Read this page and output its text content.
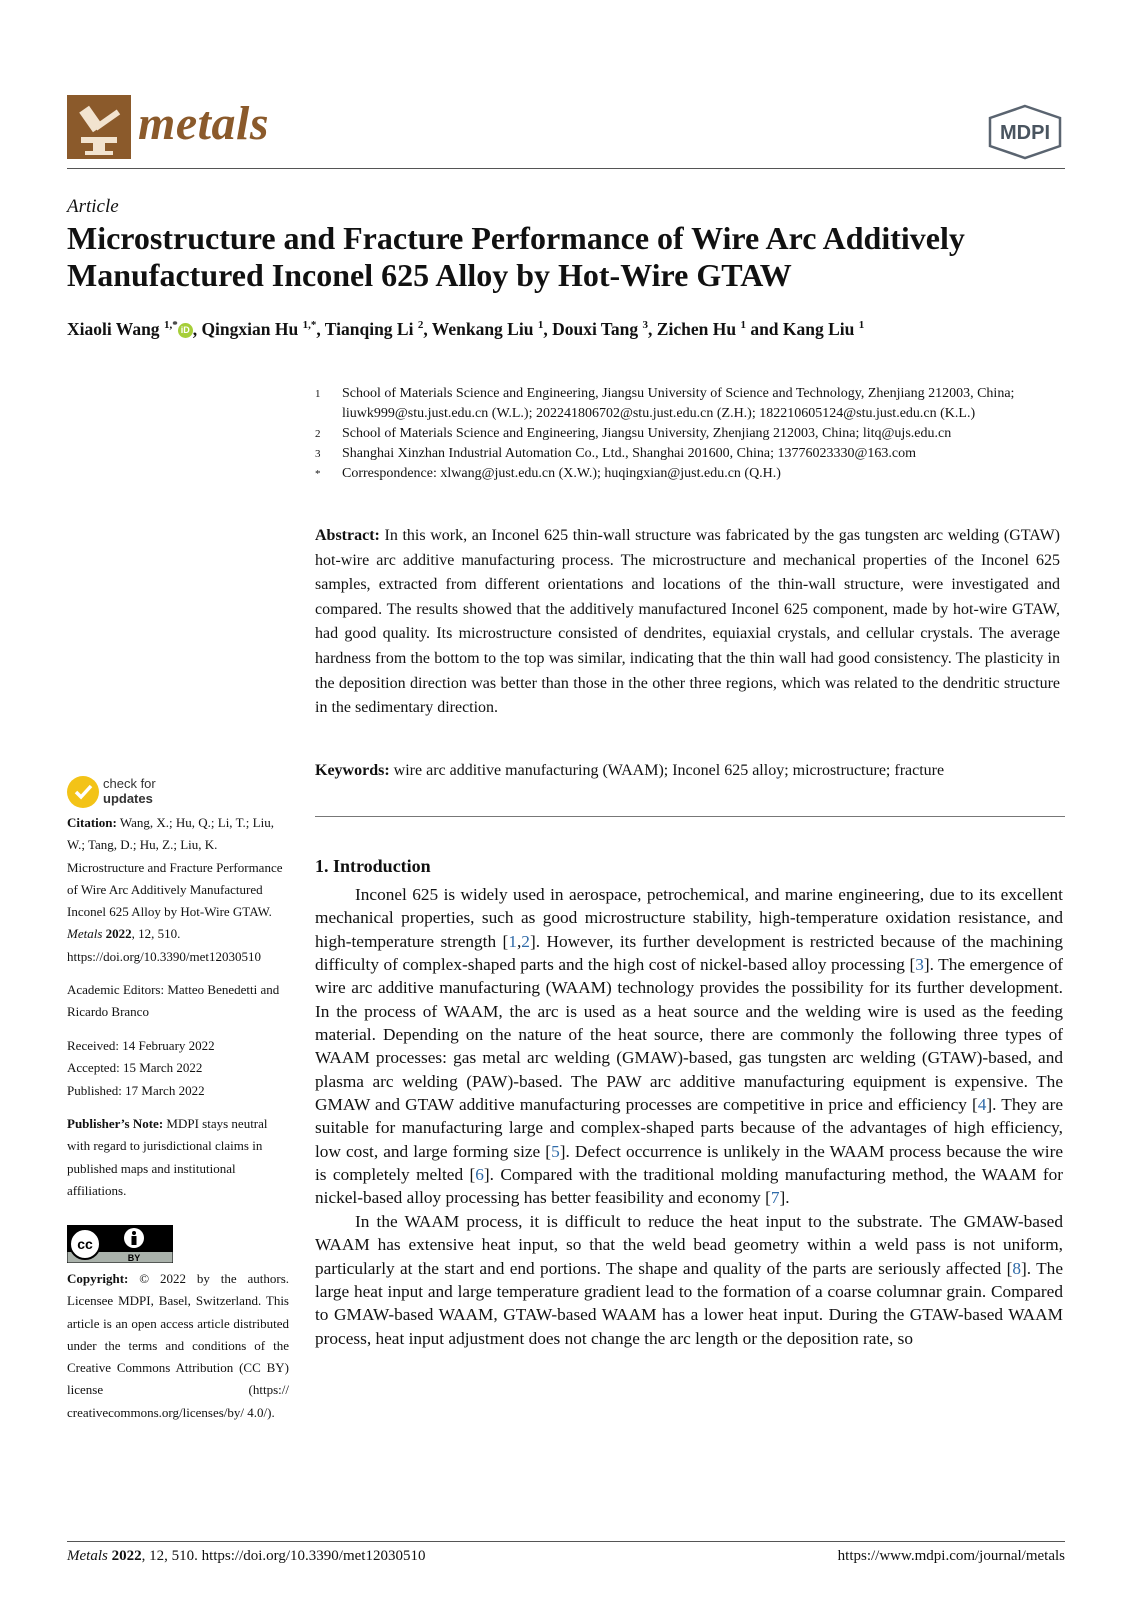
metals	MDPI
Article
Microstructure and Fracture Performance of Wire Arc Additively Manufactured Inconel 625 Alloy by Hot-Wire GTAW
Xiaoli Wang $^{1,*}$ iD , Qingxian Hu $^{1,*}$, Tianqing Li $^2$, Wenkang Liu $^1$, Douxi Tang $^3$, Zichen Hu $^1$ and Kang Liu $^1$
1 School of Materials Science and Engineering, Jiangsu University of Science and Technology, Zhenjiang 212003, China; liuwk999@stu.just.edu.cn (W.L.); 202241806702@stu.just.edu.cn (Z.H.); 182210605124@stu.just.edu.cn (K.L.)
2 School of Materials Science and Engineering, Jiangsu University, Zhenjiang 212003, China; litq@ujs.edu.cn
3 Shanghai Xinzhan Industrial Automation Co., Ltd., Shanghai 201600, China; 13776023330@163.com
* Correspondence: xlwang@just.edu.cn (X.W.); huqingxian@just.edu.cn (Q.H.)

Abstract: In this work, an Inconel 625 thin-wall structure was fabricated by the gas tungsten arc welding (GTAW) hot-wire arc additive manufacturing process. The microstructure and mechanical properties of the Inconel 625 samples, extracted from different orientations and locations of the thin-wall structure, were investigated and compared. The results showed that the additively manufactured Inconel 625 component, made by hot-wire GTAW, had good quality. Its microstructure consisted of dendrites, equiaxial crystals, and cellular crystals. The average hardness from the bottom to the top was similar, indicating that the thin wall had good consistency. The plasticity in the deposition direction was better than those in the other three regions, which was related to the dendritic structure in the sedimentary direction.

Keywords: wire arc additive manufacturing (WAAM); Inconel 625 alloy; microstructure; fracture

check for
updates

Citation: Wang, X.; Hu, Q.; Li, T.; Liu, W.; Tang, D.; Hu, Z.; Liu, K. Microstructure and Fracture Performance of Wire Arc Additively Manufactured Inconel 625 Alloy by Hot-Wire GTAW. Metals 2022, 12, 510. https://doi.org/10.3390/met12030510

Academic Editors: Matteo Benedetti and Ricardo Branco

Received: 14 February 2022
Accepted: 15 March 2022
Published: 17 March 2022

Publisher’s Note: MDPI stays neutral with regard to jurisdictional claims in published maps and institutional affiliations.

cc
BY

Copyright: © 2022 by the authors. Licensee MDPI, Basel, Switzerland. This article is an open access article distributed under the terms and conditions of the Creative Commons Attribution (CC BY) license (https:// creativecommons.org/licenses/by/ 4.0/).

1. Introduction

Inconel 625 is widely used in aerospace, petrochemical, and marine engineering, due to its excellent mechanical properties, such as good microstructure stability, high-temperature oxidation resistance, and high-temperature strength [1,2]. However, its further development is restricted because of the machining difficulty of complex-shaped parts and the high cost of nickel-based alloy processing [3]. The emergence of wire arc additive manufacturing (WAAM) technology provides the possibility for its further development. In the process of WAAM, the arc is used as a heat source and the welding wire is used as the feeding material. Depending on the nature of the heat source, there are commonly the following three types of WAAM processes: gas metal arc welding (GMAW)-based, gas tungsten arc welding (GTAW)-based, and plasma arc welding (PAW)-based. The PAW arc additive manufacturing equipment is expensive. The GMAW and GTAW additive manufacturing processes are competitive in price and efficiency [4]. They are suitable for manufacturing large and complex-shaped parts because of the advantages of high efficiency, low cost, and large forming size [5]. Defect occurrence is unlikely in the WAAM process because the wire is completely melted [6]. Compared with the traditional molding manufacturing method, the WAAM for nickel-based alloy processing has better feasibility and economy [7].

In the WAAM process, it is difficult to reduce the heat input to the substrate. The GMAW-based WAAM has extensive heat input, so that the weld bead geometry within a weld pass is not uniform, particularly at the start and end portions. The shape and quality of the parts are seriously affected [8]. The large heat input and large temperature gradient lead to the formation of a coarse columnar grain. Compared to GMAW-based WAAM, GTAW-based WAAM has a lower heat input. During the GTAW-based WAAM process, heat input adjustment does not change the arc length or the deposition rate, so

Metals 2022, 12, 510. https://doi.org/10.3390/met12030510	https://www.mdpi.com/journal/metals
